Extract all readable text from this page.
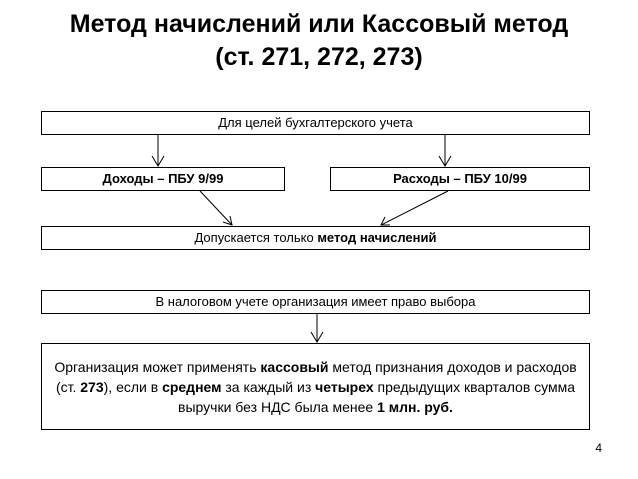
Метод начислений или Кассовый метод
(ст. 271, 272, 273)
Для целей бухгалтерского учета
Доходы – ПБУ 9/99	Расходы – ПБУ 10/99
Допускается только метод начислений
В налоговом учете организация имеет право выбора
Организация может применять кассовый метод признания доходов и расходов (ст. 273), если в среднем за каждый из четырех предыдущих кварталов сумма выручки без НДС была менее 1 млн. руб.
4
